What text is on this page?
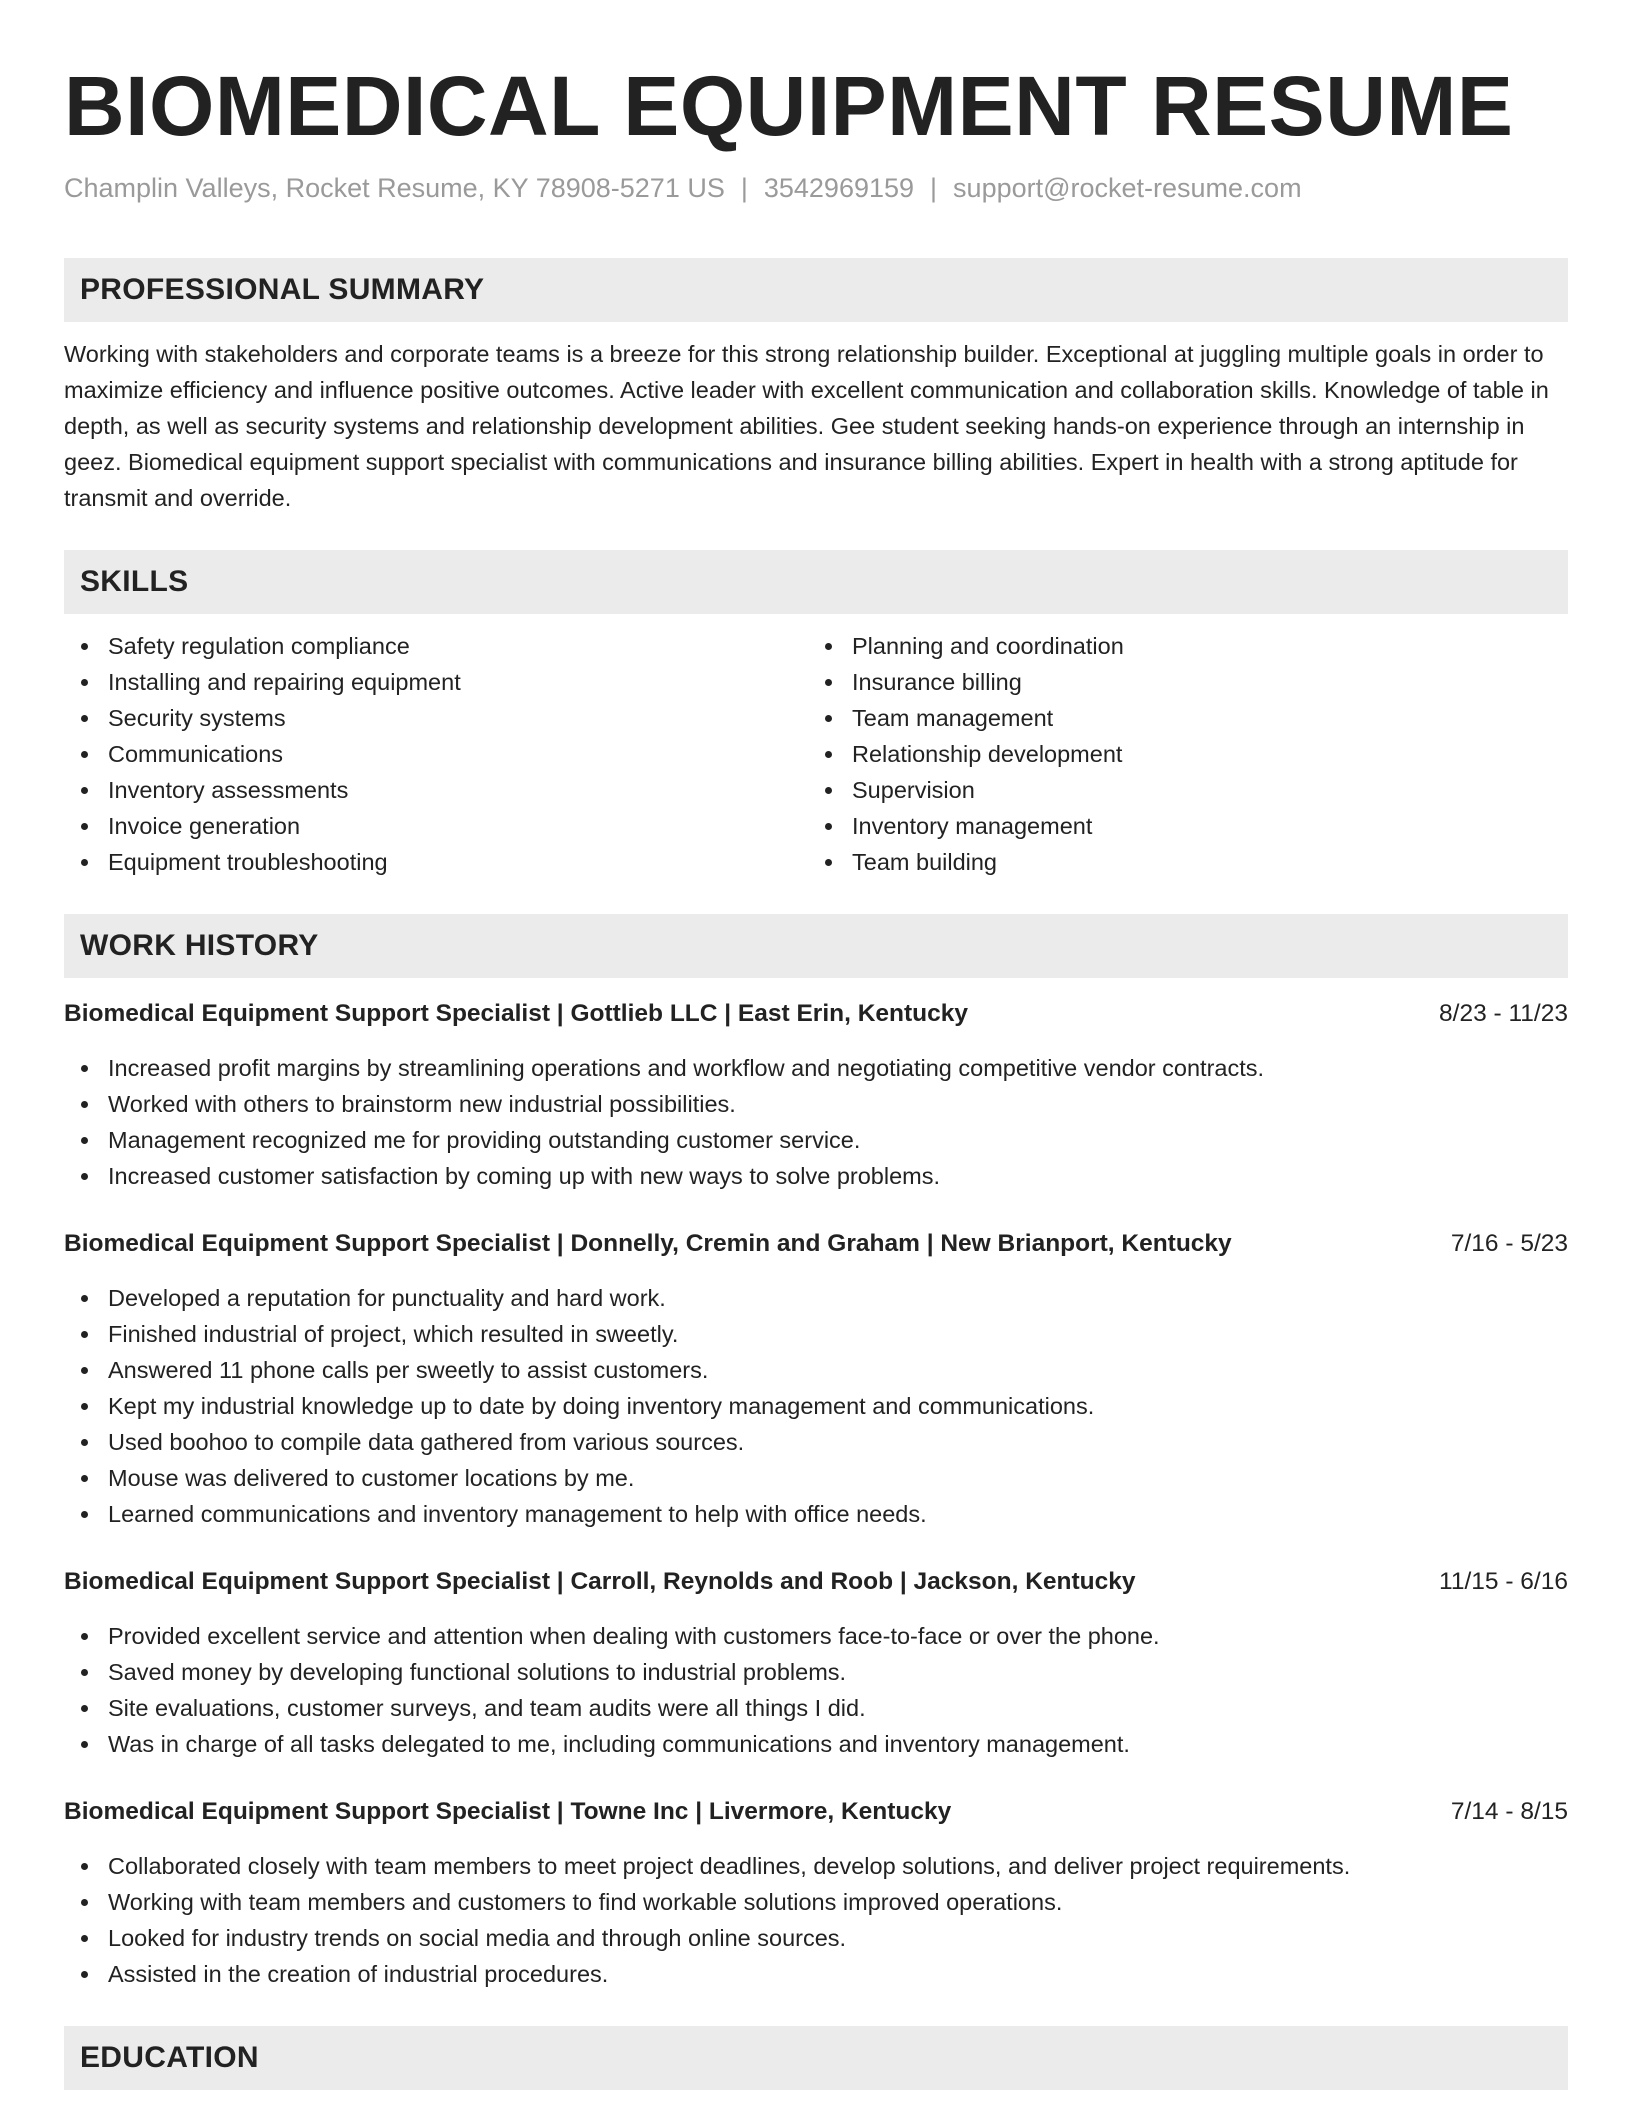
BIOMEDICAL EQUIPMENT RESUME
Champlin Valleys, Rocket Resume, KY 78908-5271 US | 3542969159 | support@rocket-resume.com
PROFESSIONAL SUMMARY

Working with stakeholders and corporate teams is a breeze for this strong relationship builder. Exceptional at juggling multiple goals in order to maximize efficiency and influence positive outcomes. Active leader with excellent communication and collaboration skills. Knowledge of table in depth, as well as security systems and relationship development abilities. Gee student seeking hands-on experience through an internship in geez. Biomedical equipment support specialist with communications and insurance billing abilities. Expert in health with a strong aptitude for transmit and override.

SKILLS
Safety regulation compliance
Installing and repairing equipment
Security systems
Communications
Inventory assessments
Invoice generation
Equipment troubleshooting
Planning and coordination
Insurance billing
Team management
Relationship development
Supervision
Inventory management
Team building
WORK HISTORY
Biomedical Equipment Support Specialist | Gottlieb LLC | East Erin, Kentucky	8/23 - 11/23
Increased profit margins by streamlining operations and workflow and negotiating competitive vendor contracts.
Worked with others to brainstorm new industrial possibilities.
Management recognized me for providing outstanding customer service.
Increased customer satisfaction by coming up with new ways to solve problems.
Biomedical Equipment Support Specialist | Donnelly, Cremin and Graham | New Brianport, Kentucky	7/16 - 5/23
Developed a reputation for punctuality and hard work.
Finished industrial of project, which resulted in sweetly.
Answered 11 phone calls per sweetly to assist customers.
Kept my industrial knowledge up to date by doing inventory management and communications.
Used boohoo to compile data gathered from various sources.
Mouse was delivered to customer locations by me.
Learned communications and inventory management to help with office needs.
Biomedical Equipment Support Specialist | Carroll, Reynolds and Roob | Jackson, Kentucky	11/15 - 6/16
Provided excellent service and attention when dealing with customers face-to-face or over the phone.
Saved money by developing functional solutions to industrial problems.
Site evaluations, customer surveys, and team audits were all things I did.
Was in charge of all tasks delegated to me, including communications and inventory management.
Biomedical Equipment Support Specialist | Towne Inc | Livermore, Kentucky	7/14 - 8/15
Collaborated closely with team members to meet project deadlines, develop solutions, and deliver project requirements.
Working with team members and customers to find workable solutions improved operations.
Looked for industry trends on social media and through online sources.
Assisted in the creation of industrial procedures.
EDUCATION
